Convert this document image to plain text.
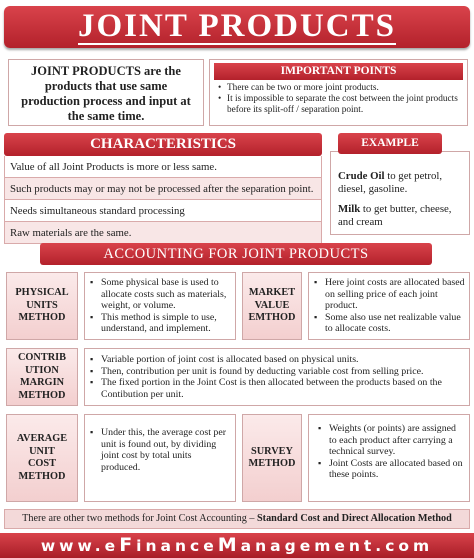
JOINT PRODUCTS
JOINT PRODUCTS are the products that use same production process and input at the same time.
IMPORTANT POINTS
• There can be two or more joint products.
• It is impossible to separate the cost between the joint products before its split-off / separation point.
CHARACTERISTICS
Value of all Joint Products is more or less same.
Such products may or may not be processed after the separation point.
Needs simultaneous standard processing
Raw materials are the same.
EXAMPLE

Crude Oil to get petrol, diesel, gasoline.

Milk to get butter, cheese, and cream

ACCOUNTING FOR JOINT PRODUCTS
PHYSICAL
UNITS
METHOD
▪ Some physical base is used to allocate costs such as materials, weight, or volume.
▪ This method is simple to use, understand, and implement.
MARKET
VALUE
EMTHOD
▪ Here joint costs are allocated based on selling price of each joint product.
▪ Some also use net realizable value to allocate costs.
CONTRIB
UTION
MARGIN
METHOD
▪ Variable portion of joint cost is allocated based on physical units.
▪ Then, contribution per unit is found by deducting variable cost from selling price.
▪ The fixed portion in the Joint Cost is then allocated between the products based on the Contibution per unit.
AVERAGE
UNIT
COST
METHOD
▪ Under this, the average cost per unit is found out, by dividing joint cost by total units produced.
SURVEY
METHOD
▪ Weights (or points) are assigned to each product after carrying a technical survey.
▪ Joint Costs are allocated based on these points.
There are other two methods for Joint Cost Accounting – Standard Cost and Direct Allocation Method
www.eFinanceManagement.com
